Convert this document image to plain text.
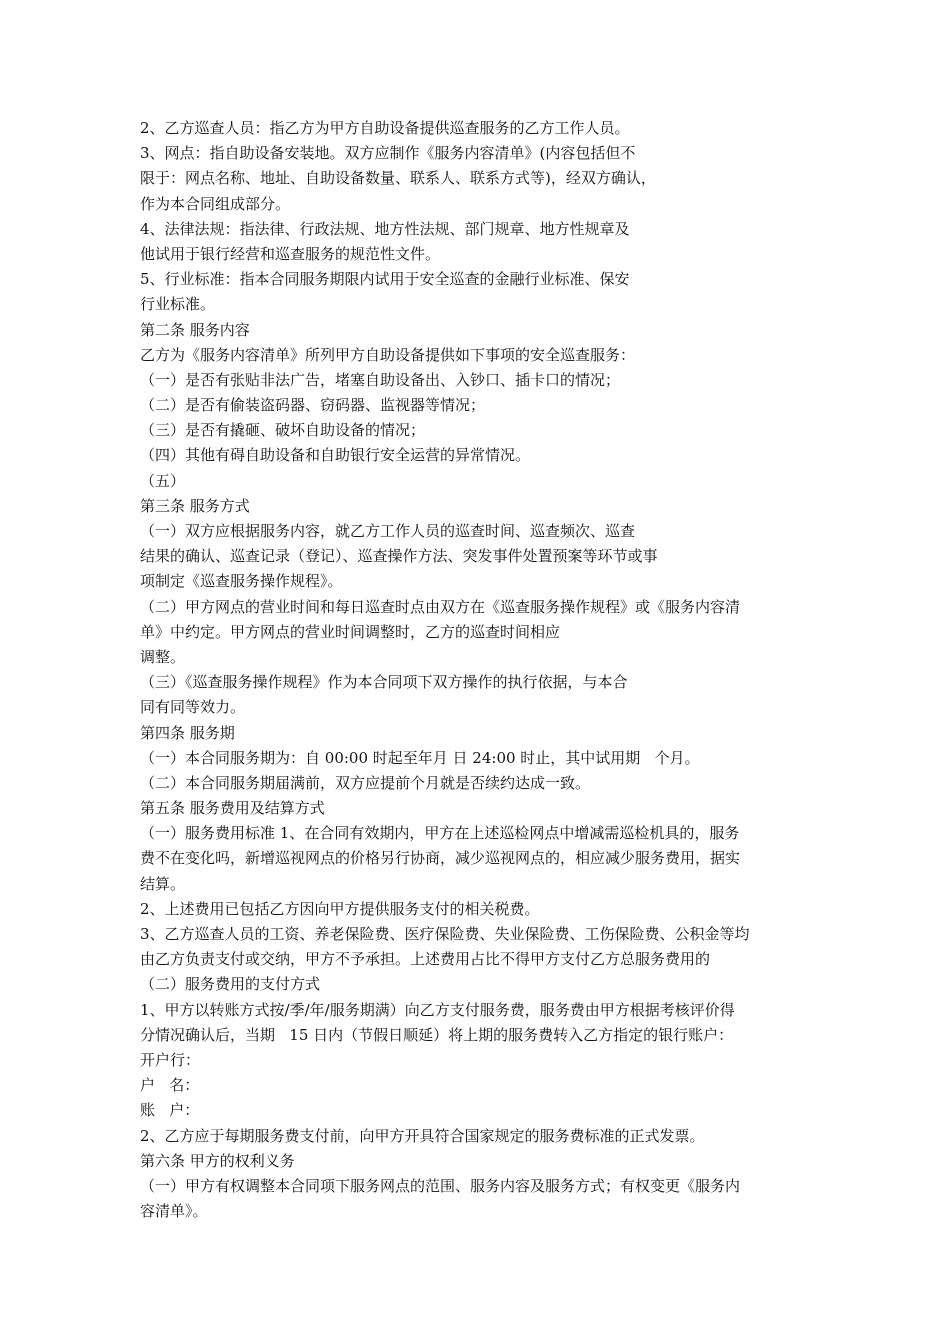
2、乙方巡查人员：指乙方为甲方自助设备提供巡查服务的乙方工作人员。
3、网点：指自助设备安装地。双方应制作《服务内容清单》(内容包括但不
限于：网点名称、地址、自助设备数量、联系人、联系方式等)，经双方确认，
作为本合同组成部分。
4、法律法规：指法律、行政法规、地方性法规、部门规章、地方性规章及
他试用于银行经营和巡查服务的规范性文件。
5、行业标准：指本合同服务期限内试用于安全巡查的金融行业标准、保安
行业标准。
第二条 服务内容
乙方为《服务内容清单》所列甲方自助设备提供如下事项的安全巡查服务：
（一）是否有张贴非法广告，堵塞自助设备出、入钞口、插卡口的情况；
（二）是否有偷装盗码器、窃码器、监视器等情况；
（三）是否有撬砸、破坏自助设备的情况；
（四）其他有碍自助设备和自助银行安全运营的异常情况。
（五）
第三条 服务方式
（一）双方应根据服务内容，就乙方工作人员的巡查时间、巡查频次、巡查
结果的确认、巡查记录（登记）、巡查操作方法、突发事件处置预案等环节或事
项制定《巡查服务操作规程》。
（二）甲方网点的营业时间和每日巡查时点由双方在《巡查服务操作规程》或《服务内容清
单》中约定。甲方网点的营业时间调整时，乙方的巡查时间相应
调整。
（三）《巡查服务操作规程》作为本合同项下双方操作的执行依据，与本合
同有同等效力。
第四条 服务期
（一）本合同服务期为：自 00:00 时起至年月 日 24:00 时止，其中试用期   个月。
（二）本合同服务期届满前，双方应提前个月就是否续约达成一致。
第五条 服务费用及结算方式
（一）服务费用标准 1、在合同有效期内，甲方在上述巡检网点中增减需巡检机具的，服务
费不在变化吗，新增巡视网点的价格另行协商，减少巡视网点的，相应减少服务费用，据实
结算。
2、上述费用已包括乙方因向甲方提供服务支付的相关税费。
3、乙方巡查人员的工资、养老保险费、医疗保险费、失业保险费、工伤保险费、公积金等均
由乙方负责支付或交纳，甲方不予承担。上述费用占比不得甲方支付乙方总服务费用的
（二）服务费用的支付方式
1、甲方以转账方式按/季/年/服务期满）向乙方支付服务费，服务费由甲方根据考核评价得
分情况确认后，当期   15 日内（节假日顺延）将上期的服务费转入乙方指定的银行账户：
开户行：
户   名：
账   户：
2、乙方应于每期服务费支付前，向甲方开具符合国家规定的服务费标准的正式发票。
第六条 甲方的权利义务
（一）甲方有权调整本合同项下服务网点的范围、服务内容及服务方式；有权变更《服务内
容清单》。
